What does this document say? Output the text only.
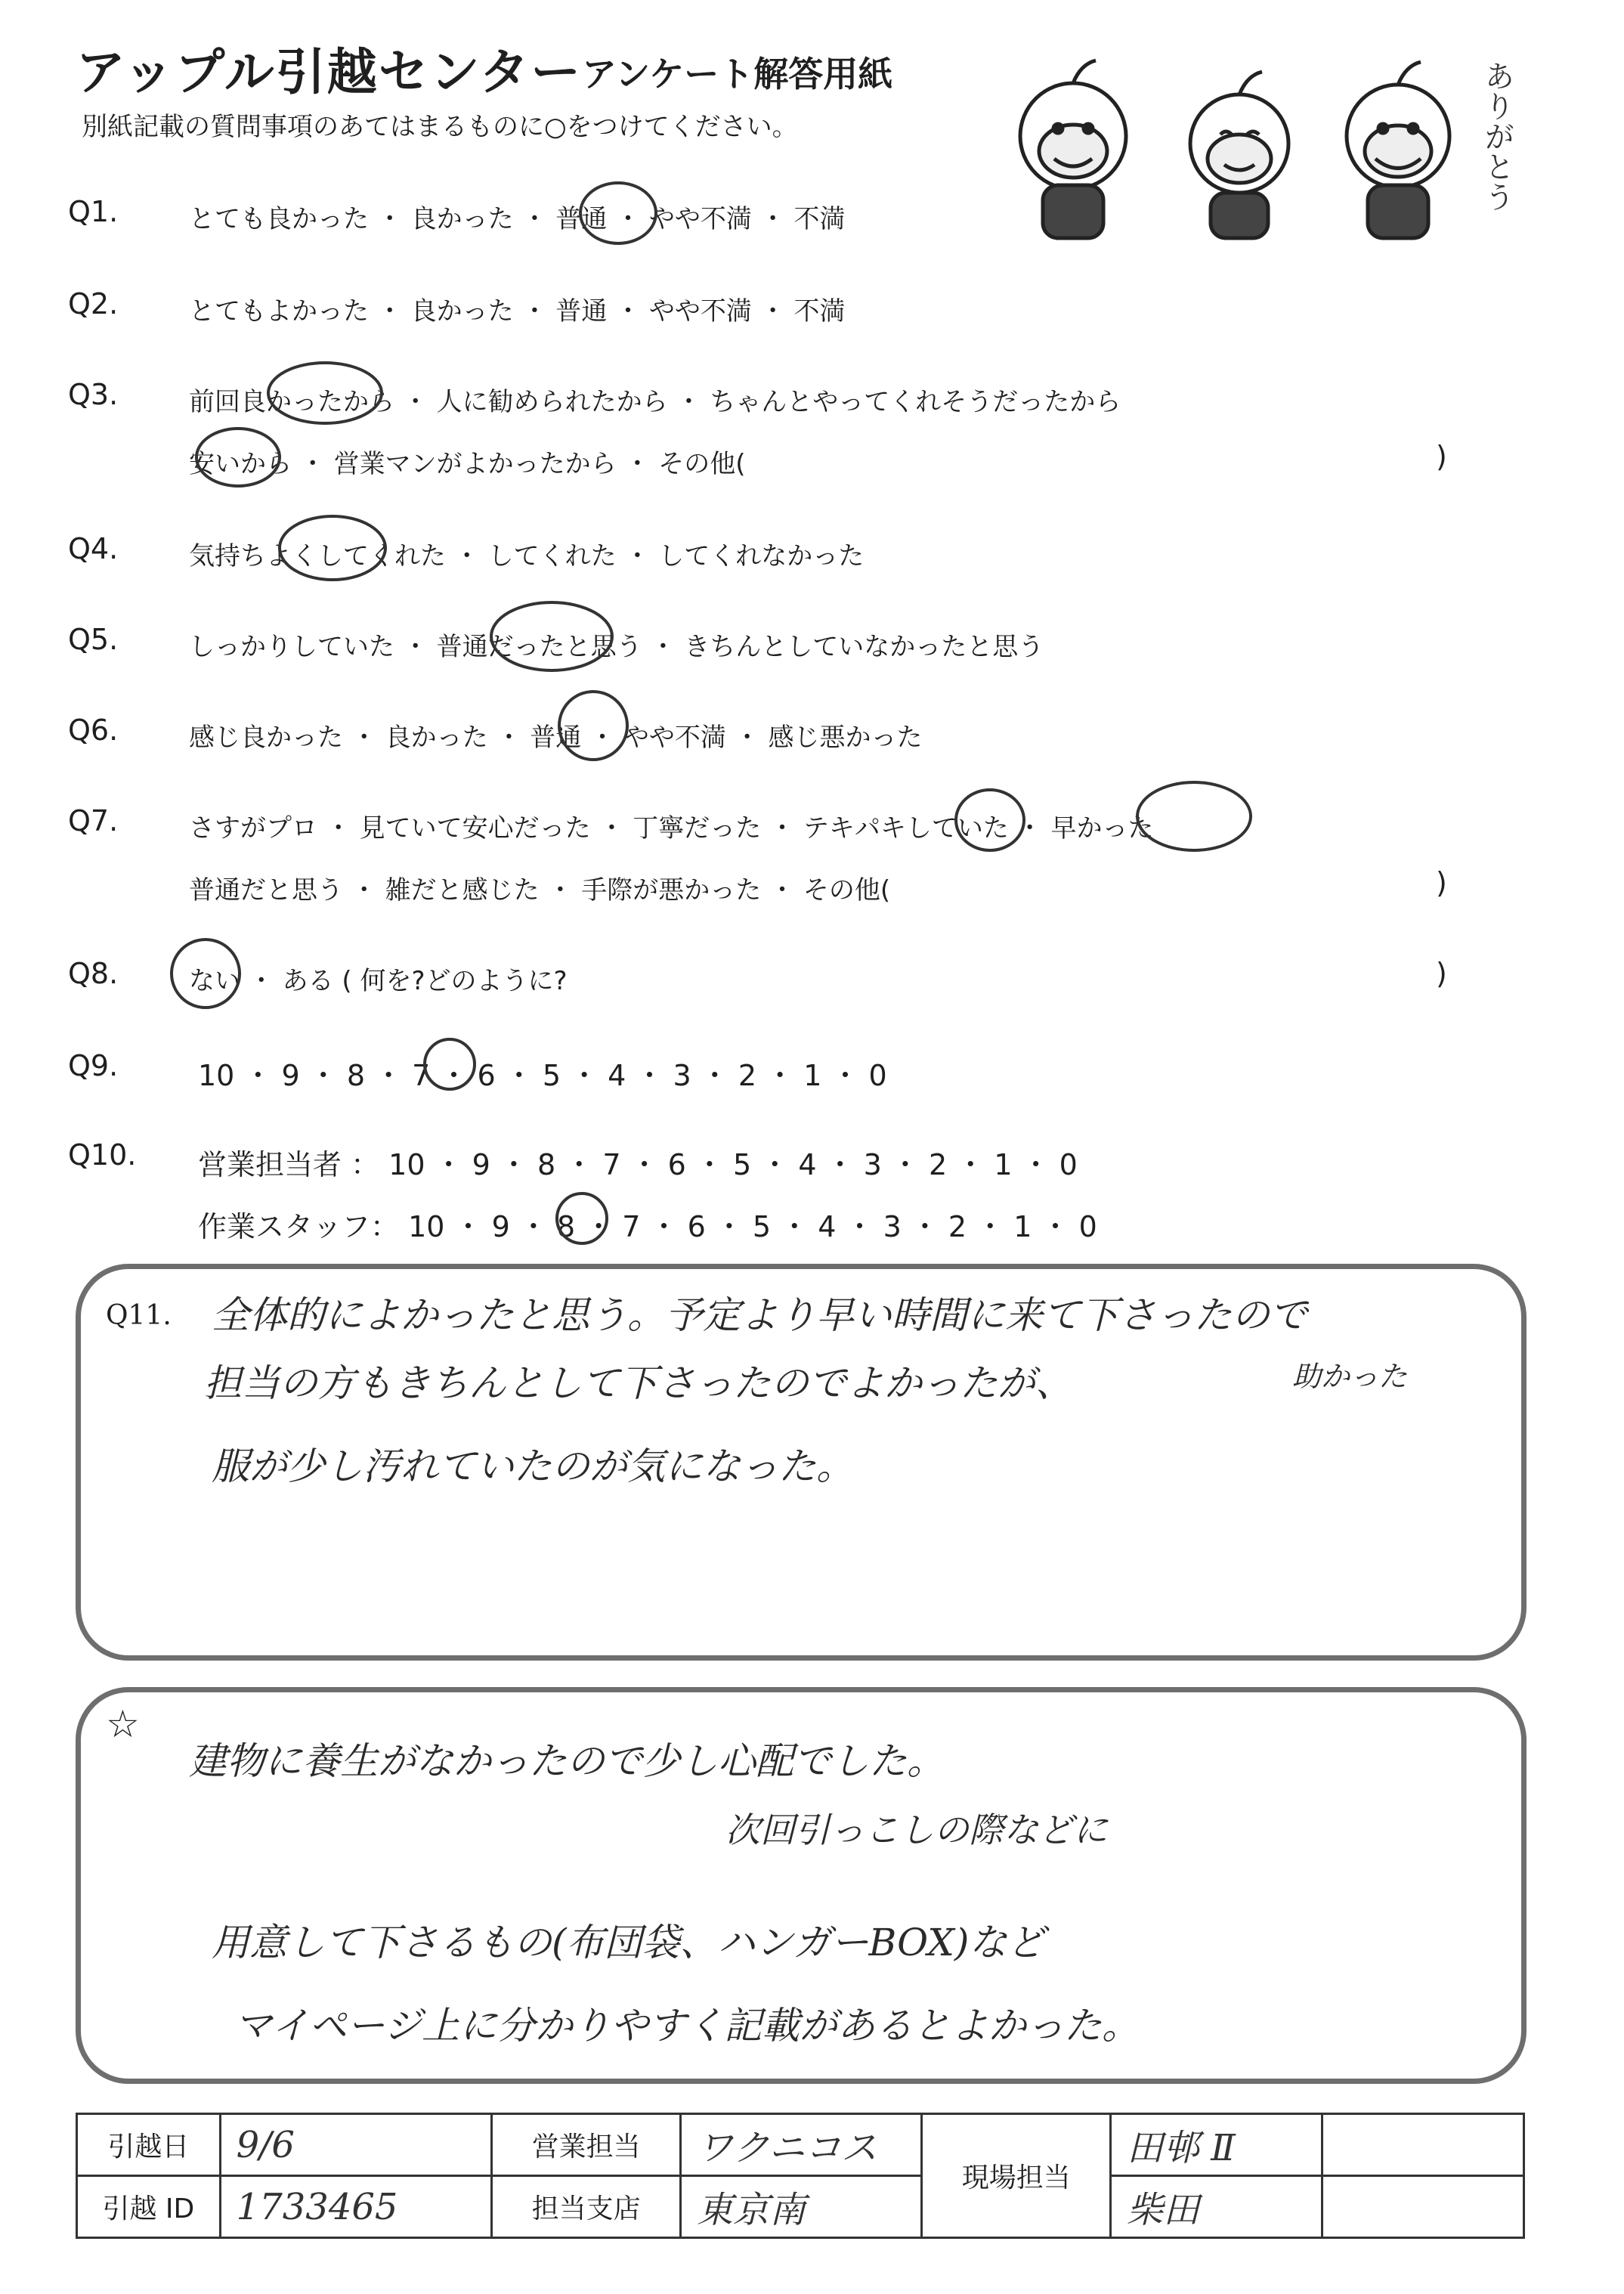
アップル引越センター アンケート解答用紙
別紙記載の質問事項のあてはまるものに○をつけてください。	ありがとう
Q1.	とても良かった ・ 良かった ・ 普通 ・ やや不満 ・ 不満
Q2.	とてもよかった ・ 良かった ・ 普通 ・ やや不満 ・ 不満
Q3.	前回良かったから ・ 人に勧められたから ・ ちゃんとやってくれそうだったから
安いから ・ 営業マンがよかったから ・ その他(	)
Q4.	気持ちよくしてくれた ・ してくれた ・ してくれなかった
Q5.	しっかりしていた ・ 普通だったと思う ・ きちんとしていなかったと思う
Q6.	感じ良かった ・ 良かった ・ 普通 ・ やや不満 ・ 感じ悪かった
Q7.	さすがプロ ・ 見ていて安心だった ・ 丁寧だった ・ テキパキしていた ・ 早かった
普通だと思う ・ 雑だと感じた ・ 手際が悪かった ・ その他(	)
Q8.	ない ・ ある ( 何を?どのように?	)
Q9.	10 ・ 9 ・ 8 ・ 7 ・ 6 ・ 5 ・ 4 ・ 3 ・ 2 ・ 1 ・ 0
Q10. 営業担当者 ： 10 ・ 9 ・ 8 ・ 7 ・ 6 ・ 5 ・ 4 ・ 3 ・ 2 ・ 1 ・ 0
作業スタッフ： 10 ・ 9 ・ 8 ・ 7 ・ 6 ・ 5 ・ 4 ・ 3 ・ 2 ・ 1 ・ 0
Q11. 全体的によかったと思う。予定より早い時間に来て下さったので
担当の方もきちんとして下さったのでよかったが、	助かった
服が少し汚れていたのが気になった。
☆
建物に養生がなかったので少し心配でした。
次回引っこしの際などに
用意して下さるもの(布団袋、ハンガーBOX)など
マイページ上に分かりやすく記載があるとよかった。
引越日	9/6	営業担当	ワクニコス	現場担当	田邨 Ⅱ	
引越 ID	1733465	担当支店	東京南		柴田	
